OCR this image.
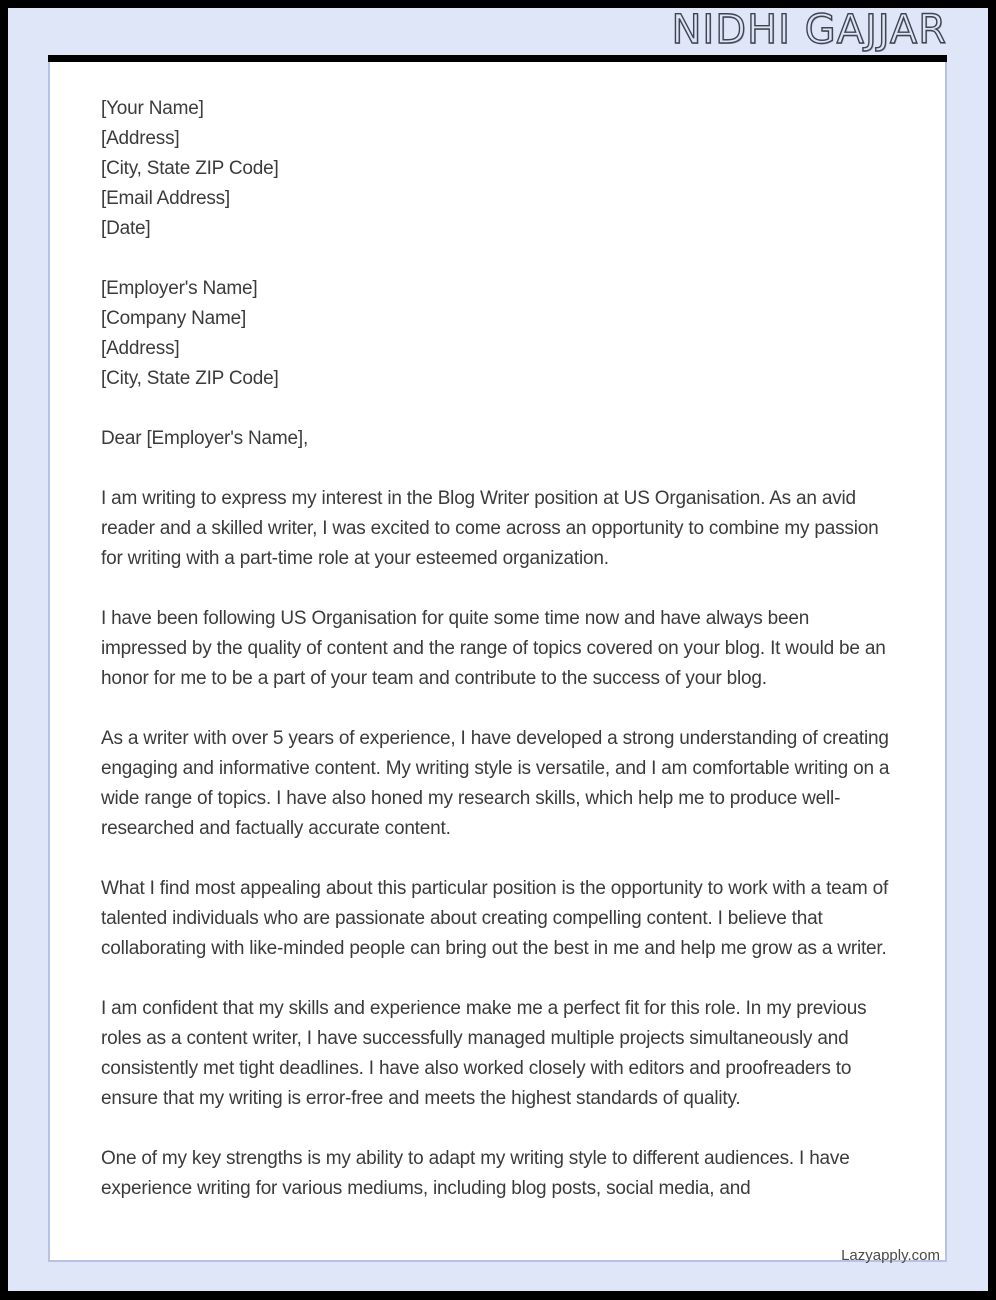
NIDHI GAJJAR
[Your Name]
[Address]
[City, State ZIP Code]
[Email Address]
[Date]
[Employer's Name]
[Company Name]
[Address]
[City, State ZIP Code]
Dear [Employer's Name],

I am writing to express my interest in the Blog Writer position at US Organisation. As an avid reader and a skilled writer, I was excited to come across an opportunity to combine my passion for writing with a part-time role at your esteemed organization.

I have been following US Organisation for quite some time now and have always been impressed by the quality of content and the range of topics covered on your blog. It would be an honor for me to be a part of your team and contribute to the success of your blog.

As a writer with over 5 years of experience, I have developed a strong understanding of creating engaging and informative content. My writing style is versatile, and I am comfortable writing on a wide range of topics. I have also honed my research skills, which help me to produce well-researched and factually accurate content.

What I find most appealing about this particular position is the opportunity to work with a team of talented individuals who are passionate about creating compelling content. I believe that collaborating with like-minded people can bring out the best in me and help me grow as a writer.

I am confident that my skills and experience make me a perfect fit for this role. In my previous roles as a content writer, I have successfully managed multiple projects simultaneously and consistently met tight deadlines. I have also worked closely with editors and proofreaders to ensure that my writing is error-free and meets the highest standards of quality.

One of my key strengths is my ability to adapt my writing style to different audiences. I have experience writing for various mediums, including blog posts, social media, and

Lazyapply.com
